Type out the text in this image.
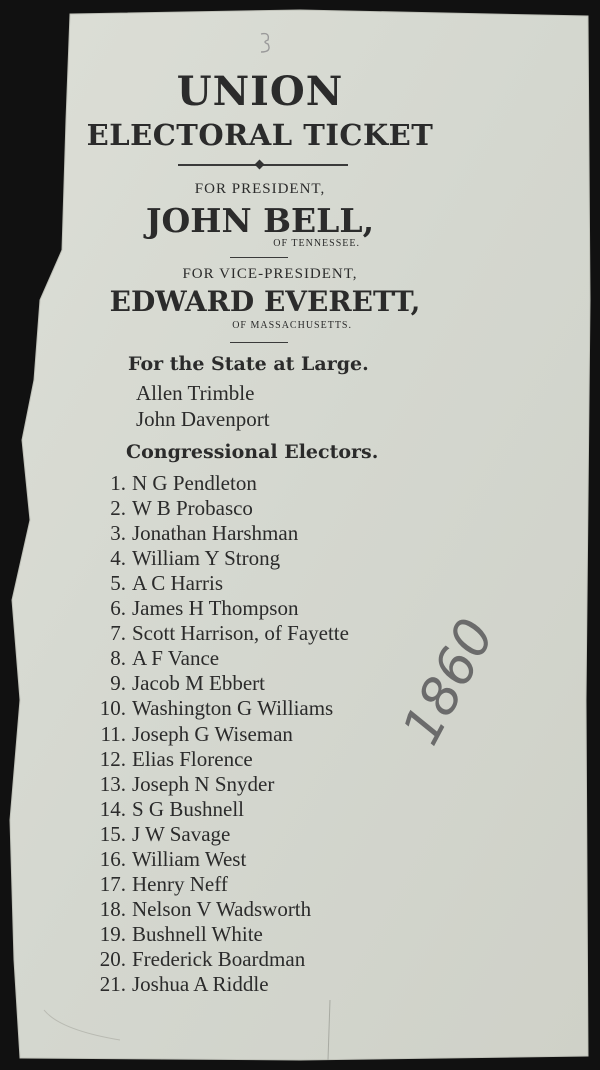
UNION
ELECTORAL TICKET
FOR PRESIDENT,
JOHN BELL,
OF TENNESSEE.
FOR VICE-PRESIDENT,
EDWARD EVERETT,
OF MASSACHUSETTS.
For the State at Large.
Allen Trimble
John Davenport
Congressional Electors.
1. N G Pendleton
2. W B Probasco
3. Jonathan Harshman
4. William Y Strong
5. A C Harris
6. James H Thompson
7. Scott Harrison, of Fayette
8. A F Vance
9. Jacob M Ebbert
10. Washington G Williams
11. Joseph G Wiseman
12. Elias Florence
13. Joseph N Snyder
14. S G Bushnell
15. J W Savage
16. William West
17. Henry Neff
18. Nelson V Wadsworth
19. Bushnell White
20. Frederick Boardman
21. Joshua A Riddle
1860
